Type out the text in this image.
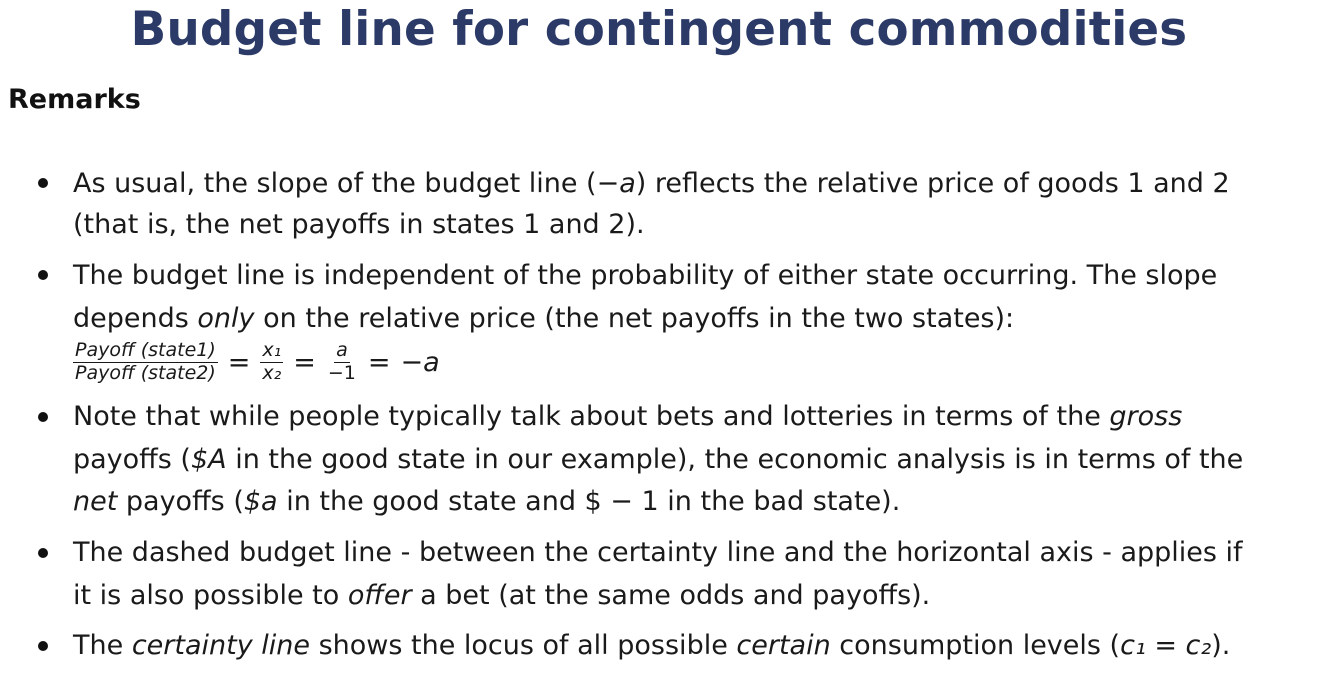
Budget line for contingent commodities
Remarks
As usual, the slope of the budget line (−a) reflects the relative price of goods 1 and 2
(that is, the net payoffs in states 1 and 2).
The budget line is independent of the probability of either state occurring. The slope
depends only on the relative price (the net payoffs in the two states):
$\frac{\text{Payoff (state1)}}{\text{Payoff (state2)}} = \frac{\text{x₁}}{\text{x₂}} = \frac{a}{-1} = -a$
Note that while people typically talk about bets and lotteries in terms of the gross
payoffs ($A in the good state in our example), the economic analysis is in terms of the
net payoffs ($a in the good state and $ − 1 in the bad state).
The dashed budget line - between the certainty line and the horizontal axis - applies if
it is also possible to offer a bet (at the same odds and payoffs).
The certainty line shows the locus of all possible certain consumption levels (c₁ = c₂).
